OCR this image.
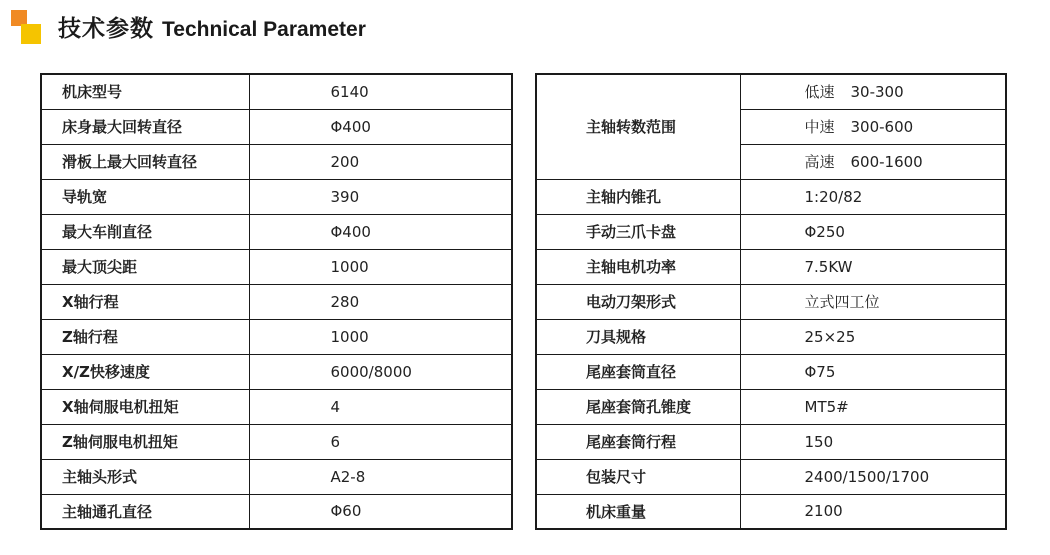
技术参数 Technical Parameter
机床型号	6140
床身最大回转直径	Φ400
滑板上最大回转直径	200
导轨宽	390
最大车削直径	Φ400
最大顶尖距	1000
X轴行程	280
Z轴行程	1000
X/Z快移速度	6000/8000
X轴伺服电机扭矩	4
Z轴伺服电机扭矩	6
主轴头形式	A2-8
主轴通孔直径	Φ60
主轴转数范围	低速 30-300
	中速 300-600
	高速 600-1600
主轴内锥孔	1:20/82
手动三爪卡盘	Φ250
主轴电机功率	7.5KW
电动刀架形式	立式四工位
刀具规格	25×25
尾座套筒直径	Φ75
尾座套筒孔锥度	MT5#
尾座套筒行程	150
包装尺寸	2400/1500/1700
机床重量	2100
